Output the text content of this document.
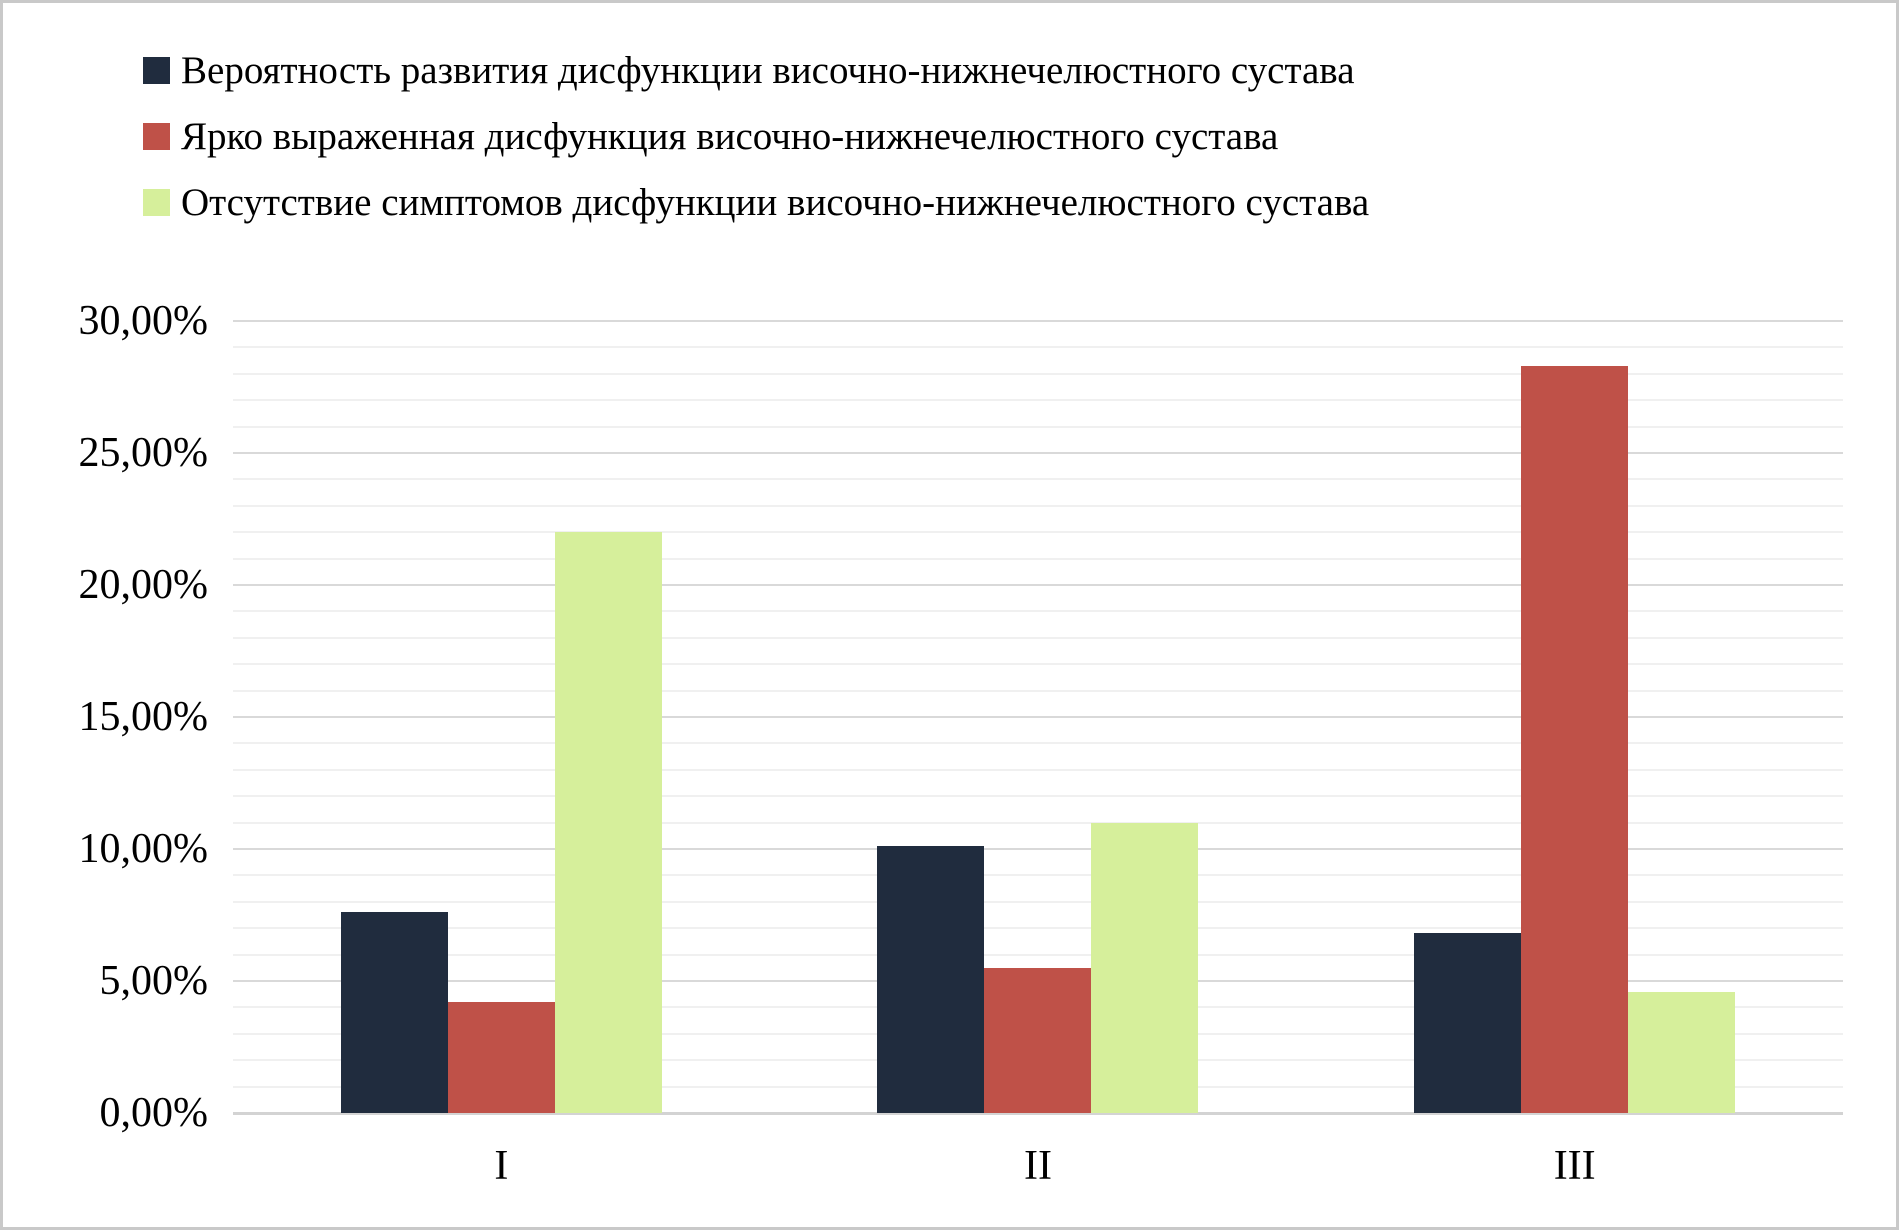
Вероятность развития дисфункции височно-нижнечелюстного сустава
Ярко выраженная дисфункция височно-нижнечелюстного сустава
Отсутствие симптомов дисфункции височно-нижнечелюстного сустава
0,00%
5,00%
10,00%
15,00%
20,00%
25,00%
30,00%
I	II	III
